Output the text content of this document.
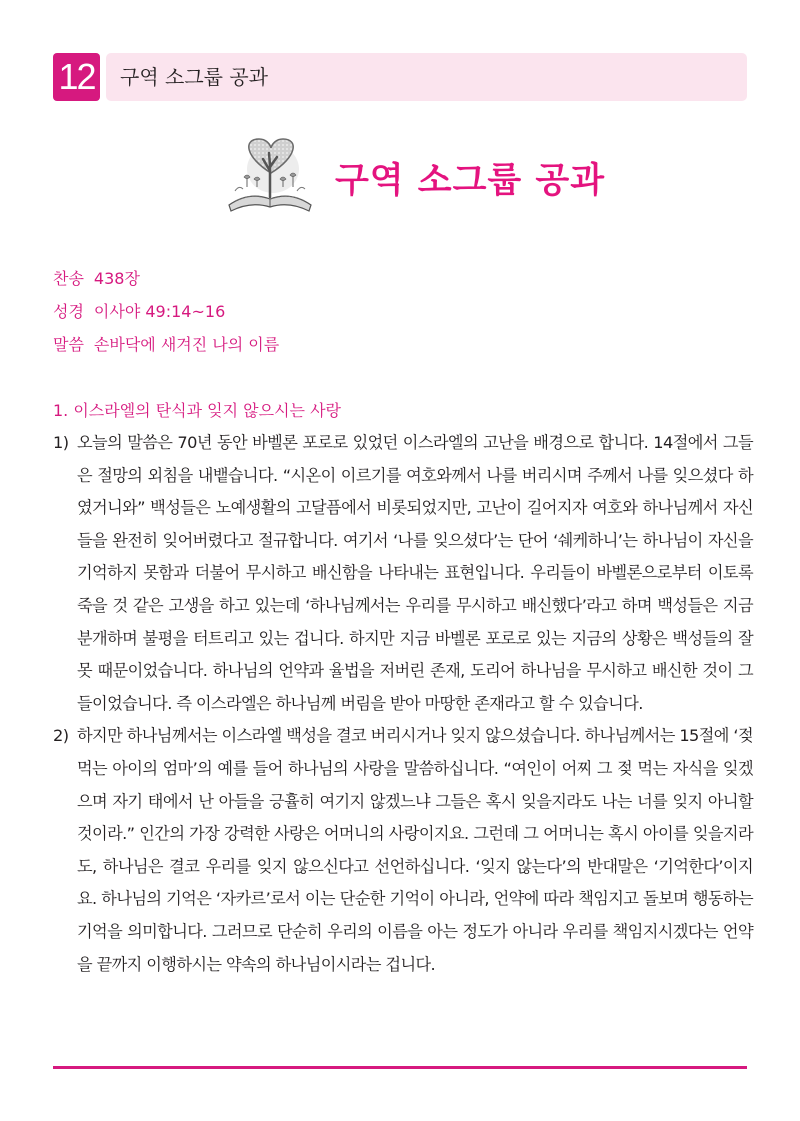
12	구역 소그룹 공과
구역 소그룹 공과
찬송 438장
성경 이사야 49:14~16
말씀 손바닥에 새겨진 나의 이름
1. 이스라엘의 탄식과 잊지 않으시는 사랑
1) 오늘의 말씀은 70년 동안 바벨론 포로로 있었던 이스라엘의 고난을 배경으로 합니다. 14절에서 그들은 절망의 외침을 내뱉습니다. “시온이 이르기를 여호와께서 나를 버리시며 주께서 나를 잊으셨다 하였거니와” 백성들은 노예생활의 고달픔에서 비롯되었지만, 고난이 길어지자 여호와 하나님께서 자신들을 완전히 잊어버렸다고 절규합니다. 여기서 ‘나를 잊으셨다’는 단어 ‘쉐케하니’는 하나님이 자신을 기억하지 못함과 더불어 무시하고 배신함을 나타내는 표현입니다. 우리들이 바벨론으로부터 이토록 죽을 것 같은 고생을 하고 있는데 ‘하나님께서는 우리를 무시하고 배신했다’라고 하며 백성들은 지금 분개하며 불평을 터트리고 있는 겁니다. 하지만 지금 바벨론 포로로 있는 지금의 상황은 백성들의 잘못 때문이었습니다. 하나님의 언약과 율법을 저버린 존재, 도리어 하나님을 무시하고 배신한 것이 그들이었습니다. 즉 이스라엘은 하나님께 버림을 받아 마땅한 존재라고 할 수 있습니다.
2) 하지만 하나님께서는 이스라엘 백성을 결코 버리시거나 잊지 않으셨습니다. 하나님께서는 15절에 ‘젖 먹는 아이의 엄마’의 예를 들어 하나님의 사랑을 말씀하십니다. “여인이 어찌 그 젖 먹는 자식을 잊겠으며 자기 태에서 난 아들을 긍휼히 여기지 않겠느냐 그들은 혹시 잊을지라도 나는 너를 잊지 아니할 것이라.” 인간의 가장 강력한 사랑은 어머니의 사랑이지요. 그런데 그 어머니는 혹시 아이를 잊을지라도, 하나님은 결코 우리를 잊지 않으신다고 선언하십니다. ‘잊지 않는다’의 반대말은 ‘기억한다’이지요. 하나님의 기억은 ‘자카르’로서 이는 단순한 기억이 아니라, 언약에 따라 책임지고 돌보며 행동하는 기억을 의미합니다. 그러므로 단순히 우리의 이름을 아는 정도가 아니라 우리를 책임지시겠다는 언약을 끝까지 이행하시는 약속의 하나님이시라는 겁니다.
